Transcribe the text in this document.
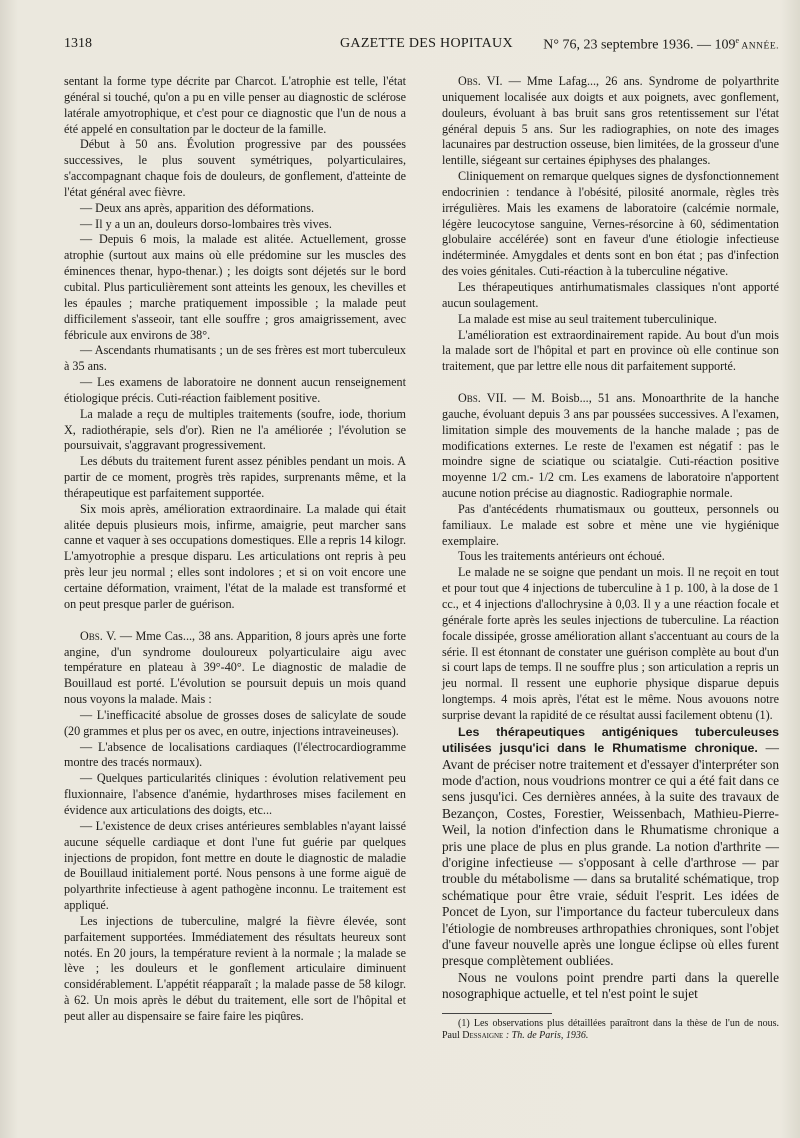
1318	GAZETTE DES HOPITAUX N° 76, 23 septembre 1936. — 109e ANNÉE.

sentant la forme type décrite par Charcot. L'atrophie est telle, l'état général si touché, qu'on a pu en ville penser au diagnostic de sclérose latérale amyotrophique, et c'est pour ce diagnostic que l'un de nous a été appelé en consultation par le docteur de la famille.

Début à 50 ans. Évolution progressive par des poussées successives, le plus souvent symétriques, polyarticulaires, s'accompagnant chaque fois de douleurs, de gonflement, d'atteinte de l'état général avec fièvre.

— Deux ans après, apparition des déformations.

— Il y a un an, douleurs dorso-lombaires très vives.

— Depuis 6 mois, la malade est alitée. Actuellement, grosse atrophie (surtout aux mains où elle prédomine sur les muscles des éminences thenar, hypo-thenar.) ; les doigts sont déjetés sur le bord cubital. Plus particulièrement sont atteints les genoux, les chevilles et les épaules ; marche pratiquement impossible ; la malade peut difficilement s'asseoir, tant elle souffre ; gros amaigrissement, avec fébricule aux environs de 38°.

— Ascendants rhumatisants ; un de ses frères est mort tuberculeux à 35 ans.

— Les examens de laboratoire ne donnent aucun renseignement étiologique précis. Cuti-réaction faiblement positive.

La malade a reçu de multiples traitements (soufre, iode, thorium X, radiothérapie, sels d'or). Rien ne l'a améliorée ; l'évolution se poursuivait, s'aggravant progressivement.

Les débuts du traitement furent assez pénibles pendant un mois. A partir de ce moment, progrès très rapides, surprenants même, et la thérapeutique est parfaitement supportée.

Six mois après, amélioration extraordinaire. La malade qui était alitée depuis plusieurs mois, infirme, amaigrie, peut marcher sans canne et vaquer à ses occupations domestiques. Elle a repris 14 kilogr. L'amyotrophie a presque disparu. Les articulations ont repris à peu près leur jeu normal ; elles sont indolores ; et si on voit encore une certaine déformation, vraiment, l'état de la malade est transformé et on peut presque parler de guérison.

Obs. V. — Mme Cas..., 38 ans. Apparition, 8 jours après une forte angine, d'un syndrome douloureux polyarticulaire aigu avec température en plateau à 39°-40°. Le diagnostic de maladie de Bouillaud est porté. L'évolution se poursuit depuis un mois quand nous voyons la malade. Mais :

— L'inefficacité absolue de grosses doses de salicylate de soude (20 grammes et plus per os avec, en outre, injections intraveineuses).

— L'absence de localisations cardiaques (l'électrocardiogramme montre des tracés normaux).

— Quelques particularités cliniques : évolution relativement peu fluxionnaire, l'absence d'anémie, hydarthroses mises facilement en évidence aux articulations des doigts, etc...

— L'existence de deux crises antérieures semblables n'ayant laissé aucune séquelle cardiaque et dont l'une fut guérie par quelques injections de propidon, font mettre en doute le diagnostic de maladie de Bouillaud initialement porté. Nous pensons à une forme aiguë de polyarthrite infectieuse à agent pathogène inconnu. Le traitement est appliqué.

Les injections de tuberculine, malgré la fièvre élevée, sont parfaitement supportées. Immédiatement des résultats heureux sont notés. En 20 jours, la température revient à la normale ; la malade se lève ; les douleurs et le gonflement articulaire diminuent considérablement. L'appétit réapparaît ; la malade passe de 58 kilogr. à 62. Un mois après le début du traitement, elle sort de l'hôpital et peut aller au dispensaire se faire faire les piqûres.

Obs. VI. — Mme Lafag..., 26 ans. Syndrome de polyarthrite uniquement localisée aux doigts et aux poignets, avec gonflement, douleurs, évoluant à bas bruit sans gros retentissement sur l'état général depuis 5 ans. Sur les radiographies, on note des images lacunaires par destruction osseuse, bien limitées, de la grosseur d'une lentille, siégeant sur certaines épiphyses des phalanges.

Cliniquement on remarque quelques signes de dysfonctionnement endocrinien : tendance à l'obésité, pilosité anormale, règles très irrégulières. Mais les examens de laboratoire (calcémie normale, légère leucocytose sanguine, Vernes-résorcine à 60, sédimentation globulaire accélérée) sont en faveur d'une étiologie infectieuse indéterminée. Amygdales et dents sont en bon état ; pas d'infection des voies génitales. Cuti-réaction à la tuberculine négative.

Les thérapeutiques antirhumatismales classiques n'ont apporté aucun soulagement.

La malade est mise au seul traitement tuberculinique.

L'amélioration est extraordinairement rapide. Au bout d'un mois la malade sort de l'hôpital et part en province où elle continue son traitement, que par lettre elle nous dit parfaitement supporté.

Obs. VII. — M. Boisb..., 51 ans. Monoarthrite de la hanche gauche, évoluant depuis 3 ans par poussées successives. A l'examen, limitation simple des mouvements de la hanche malade ; pas de modifications externes. Le reste de l'examen est négatif : pas le moindre signe de sciatique ou sciatalgie. Cuti-réaction positive moyenne 1/2 cm.- 1/2 cm. Les examens de laboratoire n'apportent aucune notion précise au diagnostic. Radiographie normale.

Pas d'antécédents rhumatismaux ou goutteux, personnels ou familiaux. Le malade est sobre et mène une vie hygiénique exemplaire.

Tous les traitements antérieurs ont échoué.

Le malade ne se soigne que pendant un mois. Il ne reçoit en tout et pour tout que 4 injections de tuberculine à 1 p. 100, à la dose de 1 cc., et 4 injections d'allochrysine à 0,03. Il y a une réaction focale et générale forte après les seules injections de tuberculine. La réaction focale dissipée, grosse amélioration allant s'accentuant au cours de la série. Il est étonnant de constater une guérison complète au bout d'un si court laps de temps. Il ne souffre plus ; son articulation a repris un jeu normal. Il ressent une euphorie physique disparue depuis longtemps. 4 mois après, l'état est le même. Nous avouons notre surprise devant la rapidité de ce résultat aussi facilement obtenu (1).

Les thérapeutiques antigéniques tuberculeuses utilisées jusqu'ici dans le Rhumatisme chronique. — Avant de préciser notre traitement et d'essayer d'interpréter son mode d'action, nous voudrions montrer ce qui a été fait dans ce sens jusqu'ici. Ces dernières années, à la suite des travaux de Bezançon, Costes, Forestier, Weissenbach, Mathieu-Pierre-Weil, la notion d'infection dans le Rhumatisme chronique a pris une place de plus en plus grande. La notion d'arthrite — d'origine infectieuse — s'opposant à celle d'arthrose — par trouble du métabolisme — dans sa brutalité schématique, trop schématique pour être vraie, séduit l'esprit. Les idées de Poncet de Lyon, sur l'importance du facteur tuberculeux dans l'étiologie de nombreuses arthropathies chroniques, sont l'objet d'une faveur nouvelle après une longue éclipse où elles furent presque complètement oubliées.

Nous ne voulons point prendre parti dans la querelle nosographique actuelle, et tel n'est point le sujet

(1) Les observations plus détaillées paraîtront dans la thèse de l'un de nous. Paul Dessaigne : Th. de Paris, 1936.
